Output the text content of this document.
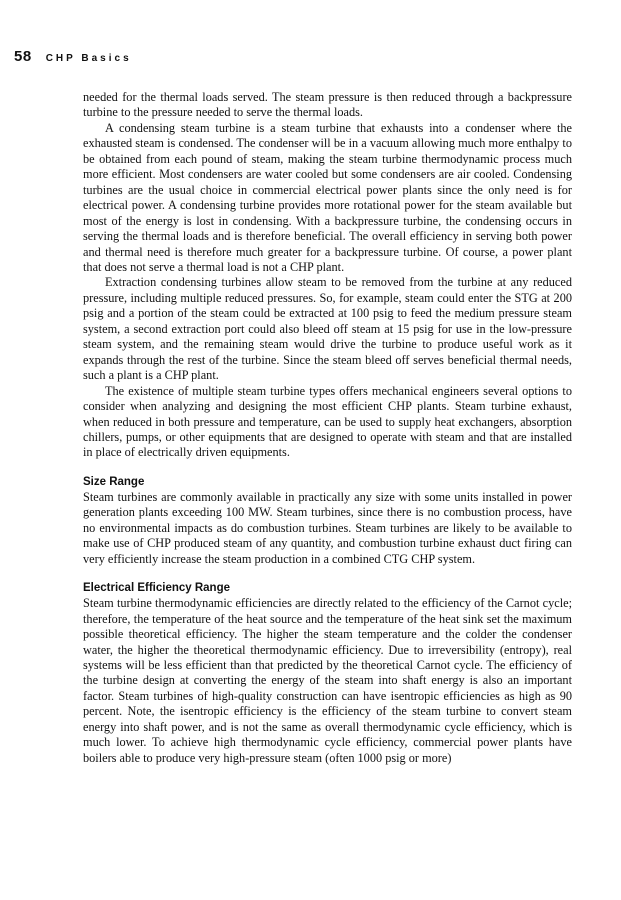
58 CHP Basics

needed for the thermal loads served. The steam pressure is then reduced through a backpressure turbine to the pressure needed to serve the thermal loads.

A condensing steam turbine is a steam turbine that exhausts into a condenser where the exhausted steam is condensed. The condenser will be in a vacuum allowing much more enthalpy to be obtained from each pound of steam, making the steam turbine thermodynamic process much more efficient. Most condensers are water cooled but some condensers are air cooled. Condensing turbines are the usual choice in commercial electrical power plants since the only need is for electrical power. A condensing turbine provides more rotational power for the steam available but most of the energy is lost in condensing. With a backpressure turbine, the condensing occurs in serving the thermal loads and is therefore beneficial. The overall efficiency in serving both power and thermal need is therefore much greater for a backpressure turbine. Of course, a power plant that does not serve a thermal load is not a CHP plant.

Extraction condensing turbines allow steam to be removed from the turbine at any reduced pressure, including multiple reduced pressures. So, for example, steam could enter the STG at 200 psig and a portion of the steam could be extracted at 100 psig to feed the medium pressure steam system, a second extraction port could also bleed off steam at 15 psig for use in the low-pressure steam system, and the remaining steam would drive the turbine to produce useful work as it expands through the rest of the turbine. Since the steam bleed off serves beneficial thermal needs, such a plant is a CHP plant.

The existence of multiple steam turbine types offers mechanical engineers several options to consider when analyzing and designing the most efficient CHP plants. Steam turbine exhaust, when reduced in both pressure and temperature, can be used to supply heat exchangers, absorption chillers, pumps, or other equipments that are designed to operate with steam and that are installed in place of electrically driven equipments.

Size Range

Steam turbines are commonly available in practically any size with some units installed in power generation plants exceeding 100 MW. Steam turbines, since there is no combustion process, have no environmental impacts as do combustion turbines. Steam turbines are likely to be available to make use of CHP produced steam of any quantity, and combustion turbine exhaust duct firing can very efficiently increase the steam production in a combined CTG CHP system.

Electrical Efficiency Range

Steam turbine thermodynamic efficiencies are directly related to the efficiency of the Carnot cycle; therefore, the temperature of the heat source and the temperature of the heat sink set the maximum possible theoretical efficiency. The higher the steam temperature and the colder the condenser water, the higher the theoretical thermodynamic efficiency. Due to irreversibility (entropy), real systems will be less efficient than that predicted by the theoretical Carnot cycle. The efficiency of the turbine design at converting the energy of the steam into shaft energy is also an important factor. Steam turbines of high-quality construction can have isentropic efficiencies as high as 90 percent. Note, the isentropic efficiency is the efficiency of the steam turbine to convert steam energy into shaft power, and is not the same as overall thermodynamic cycle efficiency, which is much lower. To achieve high thermodynamic cycle efficiency, commercial power plants have boilers able to produce very high-pressure steam (often 1000 psig or more)
